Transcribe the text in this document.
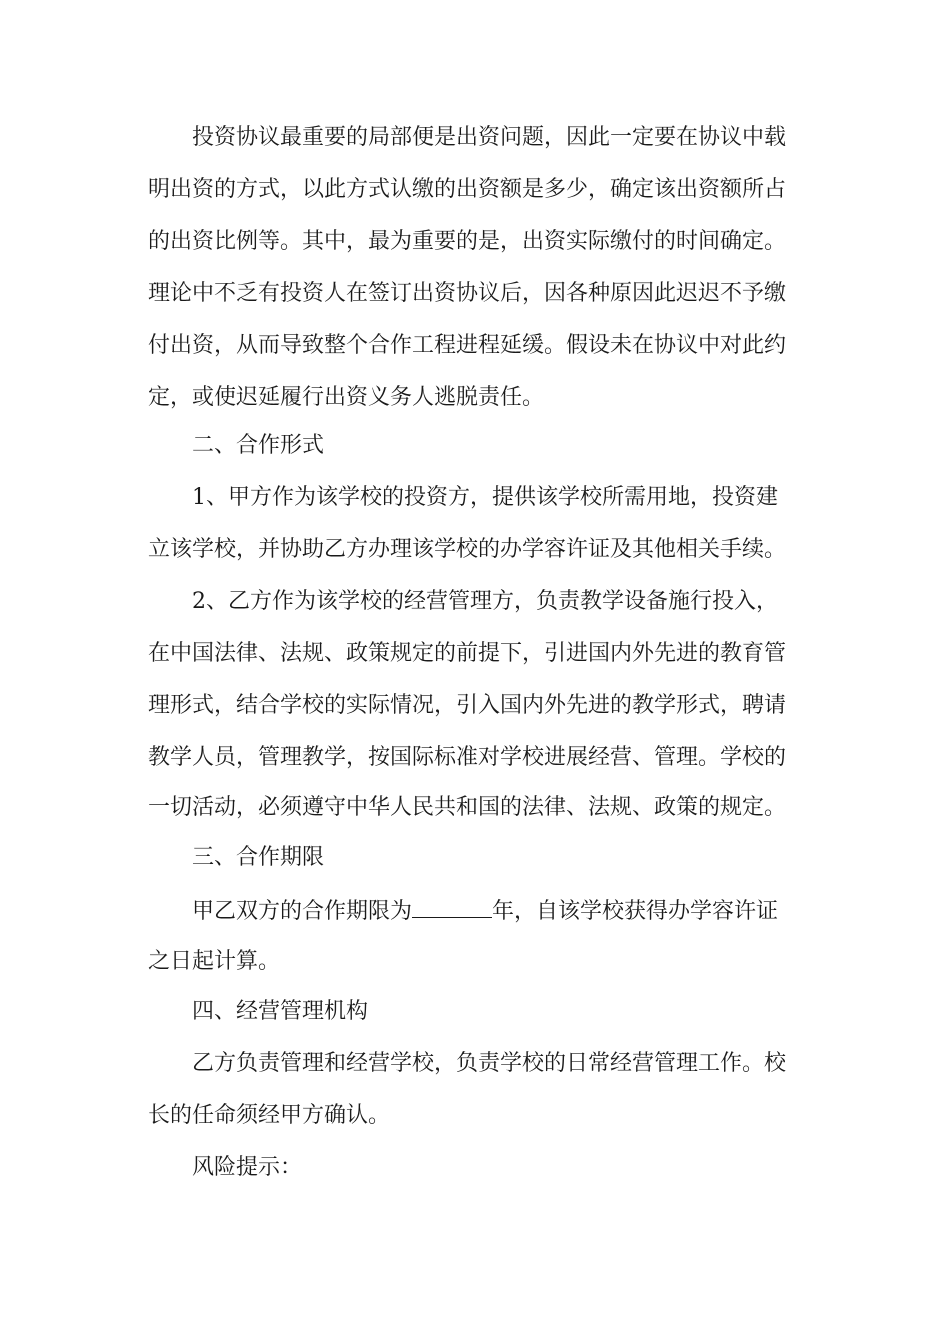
投资协议最重要的局部便是出资问题，因此一定要在协议中载
明出资的方式，以此方式认缴的出资额是多少，确定该出资额所占
的出资比例等。其中，最为重要的是，出资实际缴付的时间确定。
理论中不乏有投资人在签订出资协议后，因各种原因此迟迟不予缴
付出资，从而导致整个合作工程进程延缓。假设未在协议中对此约
定，或使迟延履行出资义务人逃脱责任。
二、合作形式
1、甲方作为该学校的投资方，提供该学校所需用地，投资建
立该学校，并协助乙方办理该学校的办学容许证及其他相关手续。
2、乙方作为该学校的经营管理方，负责教学设备施行投入，
在中国法律、法规、政策规定的前提下，引进国内外先进的教育管
理形式，结合学校的实际情况，引入国内外先进的教学形式，聘请
教学人员，管理教学，按国际标准对学校进展经营、管理。学校的
一切活动，必须遵守中华人民共和国的法律、法规、政策的规定。
三、合作期限
甲乙双方的合作期限为	年，自该学校获得办学容许证
之日起计算。
四、经营管理机构
乙方负责管理和经营学校，负责学校的日常经营管理工作。校
长的任命须经甲方确认。
风险提示：
